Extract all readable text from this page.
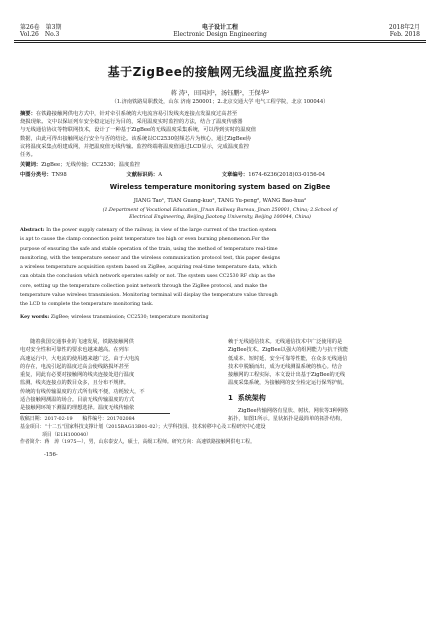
第26卷　第3期
Vol.26　No.3
电子设计工程
Electronic Design Engineering
2018年2月
Feb. 2018
基于ZigBee的接触网无线温度监控系统
蒋 涛¹，田国河²，汤钰鹏²，王保华²
（1.济南铁路局职教处，山东 济南 250001；2.北京交通大学 电气工程学院，北京 100044）
摘要：在铁路接触网供电方式中，针对牵引系统的大电流容易引发线夹连接点发温度过高甚至
烧损现象。文中以保证列车安全稳定运行为目的，采用温度实时监控的方法，结合了温度传感器
与无线通信协议等物联网技术，设计了一种基于ZigBee的无线温度采集系统，可以得到实时的温度值
数据，由此可得出接触网运行安全与否的结论。该系统以CC2530射频芯片为核心，通过ZigBee协
议将温度采集点组建成网，并把温度值无线传输。监控终端将温度值通过LCD显示，完成温度监控
任务。
关键词：ZigBee；无线传输；CC2530；温度监控
中图分类号：TN98	文献标识码：A	文章编号：1674-6236(2018)03-0156-04
Wireless temperature monitoring system based on ZigBee
JIANG Tao¹, TIAN Guang-kuo², TANG Yu-peng², WANG Bao-hua²
(1.Department of Vocational Education, Ji'nan Railway Bureau, Jinan 250001, China; 2.School of
Electrical Engineering, Beijing Jiaotong University, Beijing 100044, China)
Abstract: In the power supply catenary of the railway, in view of the large current of the traction system
is apt to cause the clamp connection point temperature too high or even burning phenomenon.For the
purpose of ensuring the safe and stable operation of the train, using the method of temperature real-time
monitoring, with the temperature sensor and the wireless communication protocol test, this paper designs
a wireless temperature acquisition system based on ZigBee, acquiring real-time temperature data, which
can obtain the conclusion which network operates safely or not. The system uses CC2530 RF chip as the
core, setting up the temperature collection point network through the ZigBee protocol, and make the
temperature value wireless transmission. Monitoring terminal will display the temperature value through
the LCD to complete the temperature monitoring task.
Key words: ZigBee; wireless transmission; CC2530; temperature monitoring
随着我国交通事业的飞速发展，铁路接触网供
电对安全性和可靠性的要求也越来越高。在列车
高速运行中，大电流的使用越来越广泛。由于大电流
的存在，电流引起的温度过高会使线路损坏甚至
重复，同此有必要对接触网的线夹连接处进行温度
监测。线夹连接点的数目众多，且分布不规律。
传统的有线传输温度的方式所有线不便，功耗较大，不
适合接触网测温的场合。目前无线传输温度的方式
是接触网环境下测温的理想选择。温度无线传输依
收稿日期：2017-02-19　　稿件编号：201702084
基金项目：“十二五”国家科技支撑计划（2015BAG13B01-02）；大学科技园、技术转移中心及工程研究中心建设
项目（E1H100040）
作者简介：蒋　涛（1975—），男，山东泰安人，硕士，高级工程师。研究方向：高速铁路接触网供电工程。
赖于无线通信技术。无线通信技术中广泛使用的是
ZigBee技术。ZigBee以强大的组网能力与抗干扰能
低成本、短时延、安全可靠等性能，在众多无线通信
技术中脱颖而出，成为无线测温系统的核心。结合
接触网的工程实际，本文设计出基于ZigBee的无线
温度采集系统，为接触网的安全检定运行保驾护航。
1 系统架构
ZigBee传输网络有星状、树状、网状等3种网络
拓扑，如图1所示。星状拓扑是最简单的拓扑结构，
-156-
